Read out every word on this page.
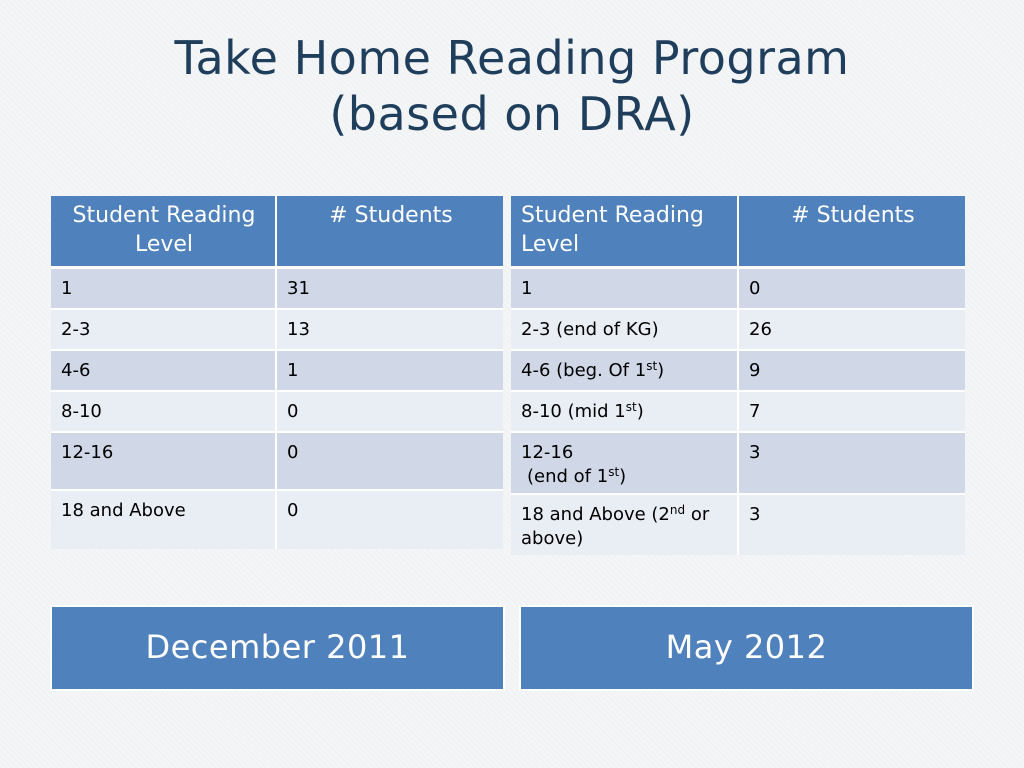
Take Home Reading Program
(based on DRA)
Student Reading Level	# Students
1	31
2-3	13
4-6	1
8-10	0
12-16	0
18 and Above	0
Student Reading Level	# Students
1	0
2-3 (end of KG)	26
4-6 (beg. Of 1st)	9
8-10 (mid 1st)	7

12-16
(end of 1st)	3
18 and Above (2nd or above)	3
December 2011	May 2012
